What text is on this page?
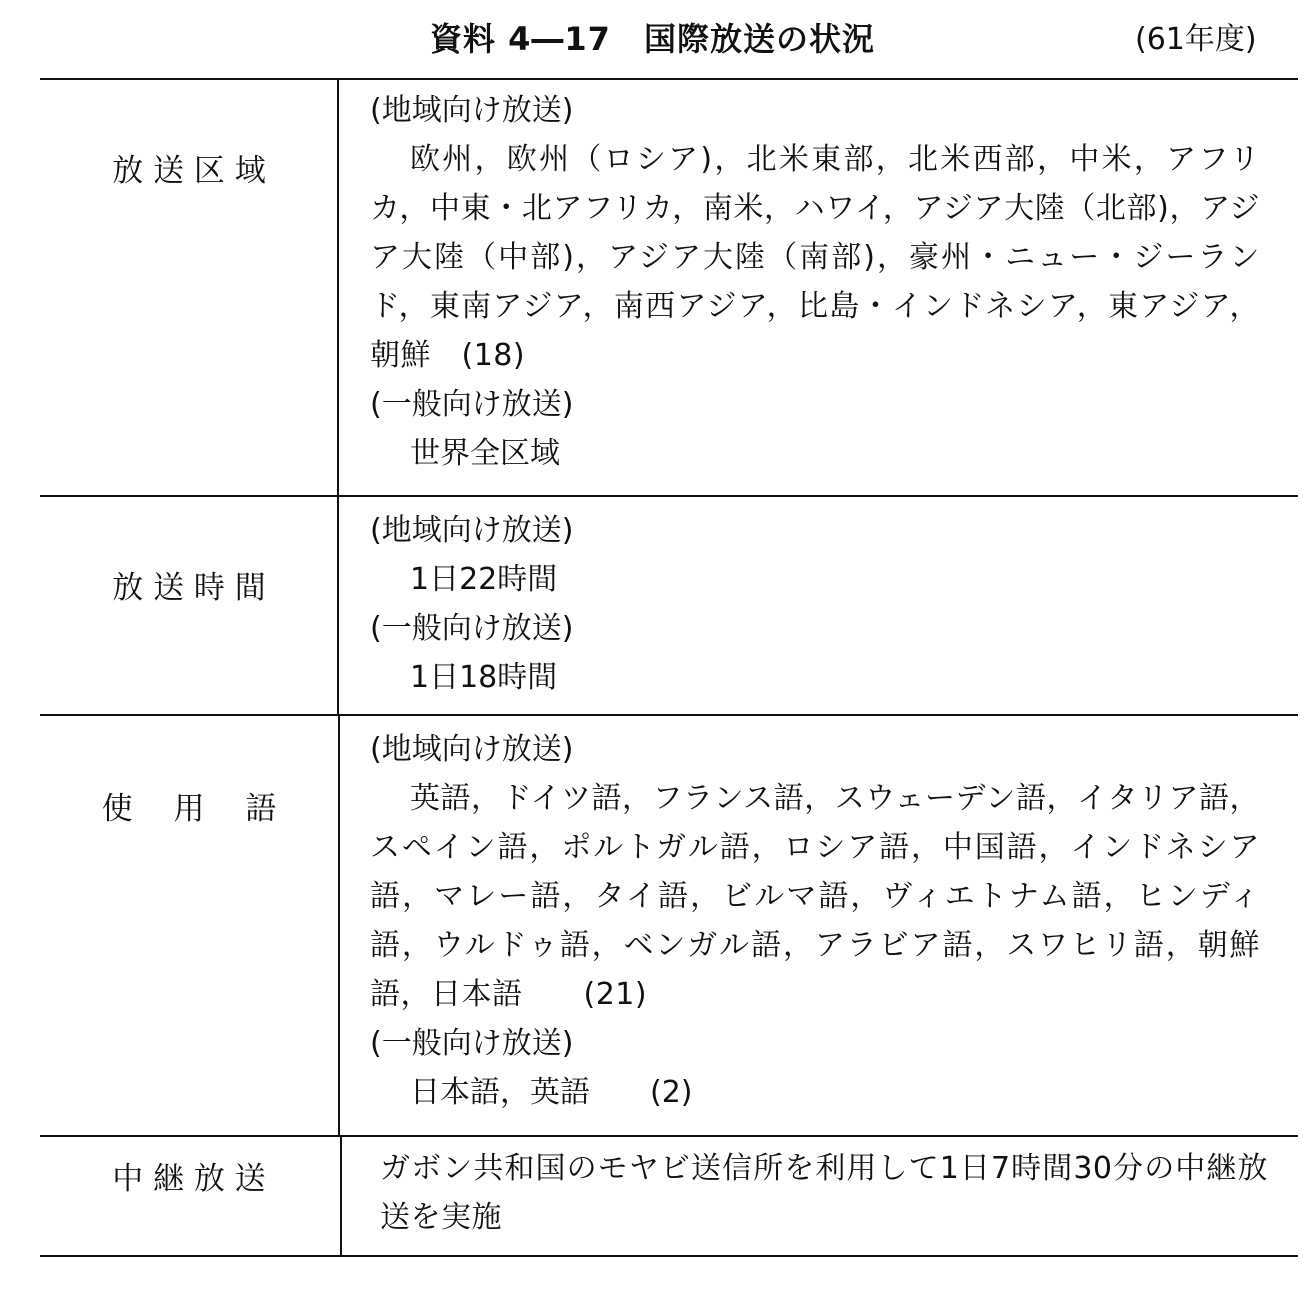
資料 4―17　国際放送の状況	(61年度)
放 送 区 域
(地域向け放送)
欧州，欧州（ロシア)，北米東部，北米西部，中米，アフリカ，中東・北アフリカ，南米，ハワイ，アジア大陸（北部)，アジア大陸（中部)，アジア大陸（南部)，豪州・ニュー・ジーランド，東南アジア，南西アジア，比島・インドネシア，東アジア，朝鮮　(18)
(一般向け放送)
世界全区域
放 送 時 間
(地域向け放送)
1日22時間
(一般向け放送)
1日18時間
使　 用　 語
(地域向け放送)
英語，ドイツ語，フランス語，スウェーデン語，イタリア語，スペイン語，ポルトガル語，ロシア語，中国語，インドネシア語，マレー語，タイ語，ビルマ語，ヴィエトナム語，ヒンディ語，ウルドゥ語，ベンガル語，アラビア語，スワヒリ語，朝鮮語，日本語　　(21)
(一般向け放送)
日本語，英語　　(2)
中 継 放 送	ガボン共和国のモヤビ送信所を利用して1日7時間30分の中継放送を実施
